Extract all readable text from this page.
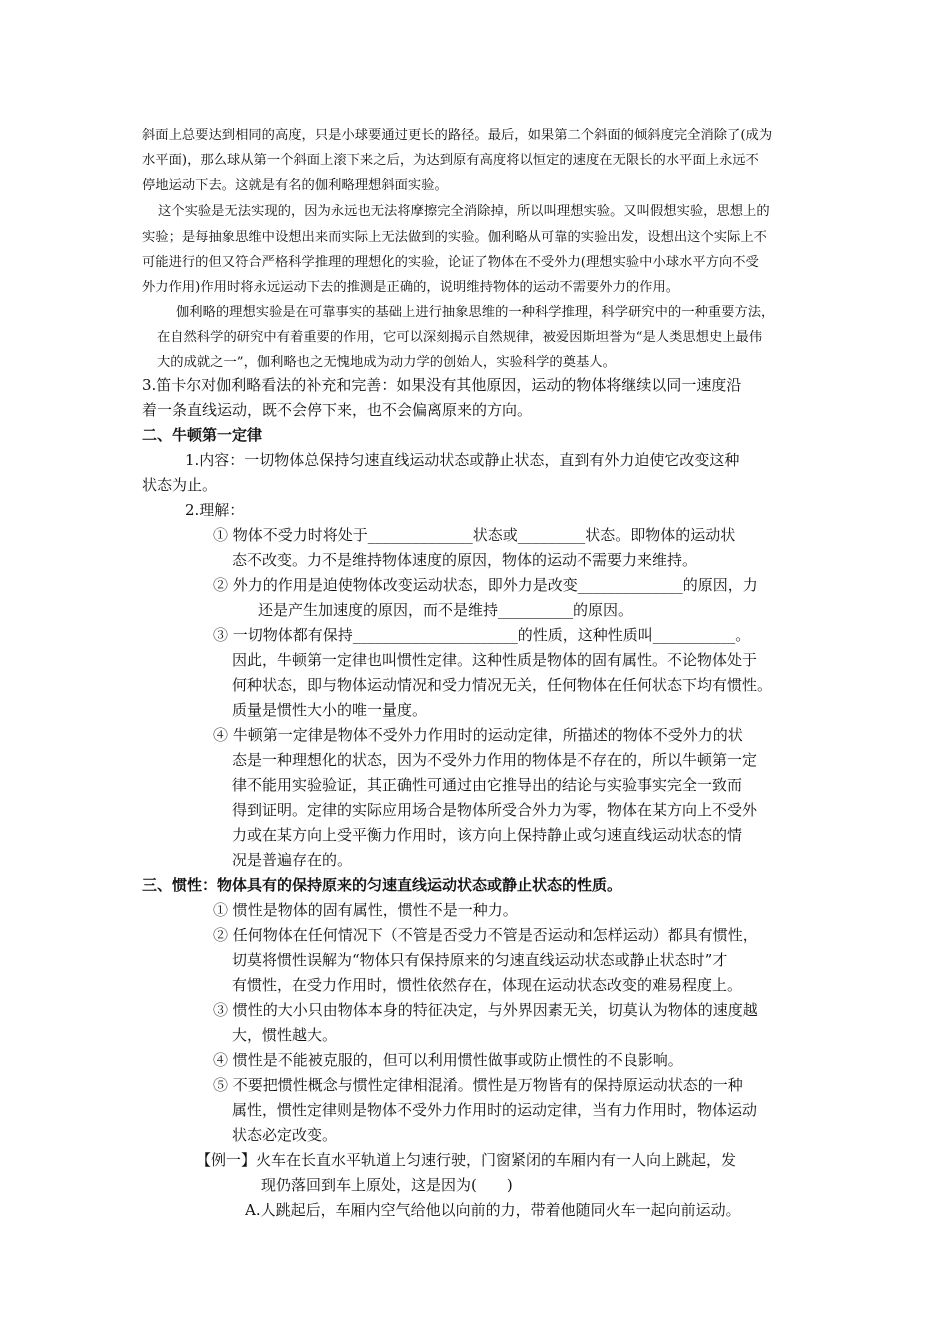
斜面上总要达到相同的高度，只是小球要通过更长的路径。最后，如果第二个斜面的倾斜度完全消除了(成为
水平面)，那么球从第一个斜面上滚下来之后，为达到原有高度将以恒定的速度在无限长的水平面上永远不
停地运动下去。这就是有名的伽利略理想斜面实验。
这个实验是无法实现的，因为永远也无法将摩擦完全消除掉，所以叫理想实验。又叫假想实验，思想上的
实验；是每抽象思维中设想出来而实际上无法做到的实验。伽利略从可靠的实验出发，设想出这个实际上不
可能进行的但又符合严格科学推理的理想化的实验，论证了物体在不受外力(理想实验中小球水平方向不受
外力作用)作用时将永远运动下去的推测是正确的，说明维持物体的运动不需要外力的作用。
伽利略的理想实验是在可靠事实的基础上进行抽象思维的一种科学推理，科学研究中的一种重要方法，
在自然科学的研究中有着重要的作用，它可以深刻揭示自然规律，被爱因斯坦誉为“是人类思想史上最伟
大的成就之一”，伽利略也之无愧地成为动力学的创始人，实验科学的奠基人。
3.笛卡尔对伽利略看法的补充和完善：如果没有其他原因，运动的物体将继续以同一速度沿
着一条直线运动，既不会停下来，也不会偏离原来的方向。
二、牛顿第一定律
1.内容：一切物体总保持匀速直线运动状态或静止状态，直到有外力迫使它改变这种
状态为止。
2.理解：
① 物体不受力时将处于______________状态或_________状态。即物体的运动状
态不改变。力不是维持物体速度的原因，物体的运动不需要力来维持。
② 外力的作用是迫使物体改变运动状态，即外力是改变______________的原因，力
还是产生加速度的原因，而不是维持__________的原因。
③ 一切物体都有保持______________________的性质，这种性质叫___________。
因此，牛顿第一定律也叫惯性定律。这种性质是物体的固有属性。不论物体处于
何种状态，即与物体运动情况和受力情况无关，任何物体在任何状态下均有惯性。
质量是惯性大小的唯一量度。
④ 牛顿第一定律是物体不受外力作用时的运动定律，所描述的物体不受外力的状
态是一种理想化的状态，因为不受外力作用的物体是不存在的，所以牛顿第一定
律不能用实验验证，其正确性可通过由它推导出的结论与实验事实完全一致而
得到证明。定律的实际应用场合是物体所受合外力为零，物体在某方向上不受外
力或在某方向上受平衡力作用时，该方向上保持静止或匀速直线运动状态的情
况是普遍存在的。
三、惯性：物体具有的保持原来的匀速直线运动状态或静止状态的性质。
① 惯性是物体的固有属性，惯性不是一种力。
② 任何物体在任何情况下（不管是否受力不管是否运动和怎样运动）都具有惯性，
切莫将惯性误解为“物体只有保持原来的匀速直线运动状态或静止状态时”才
有惯性，在受力作用时，惯性依然存在，体现在运动状态改变的难易程度上。
③ 惯性的大小只由物体本身的特征决定，与外界因素无关，切莫认为物体的速度越
大，惯性越大。
④ 惯性是不能被克服的，但可以利用惯性做事或防止惯性的不良影响。
⑤ 不要把惯性概念与惯性定律相混淆。惯性是万物皆有的保持原运动状态的一种
属性，惯性定律则是物体不受外力作用时的运动定律，当有力作用时，物体运动
状态必定改变。
【例一】火车在长直水平轨道上匀速行驶，门窗紧闭的车厢内有一人向上跳起，发
现仍落回到车上原处，这是因为(　　)
A.人跳起后，车厢内空气给他以向前的力，带着他随同火车一起向前运动。
